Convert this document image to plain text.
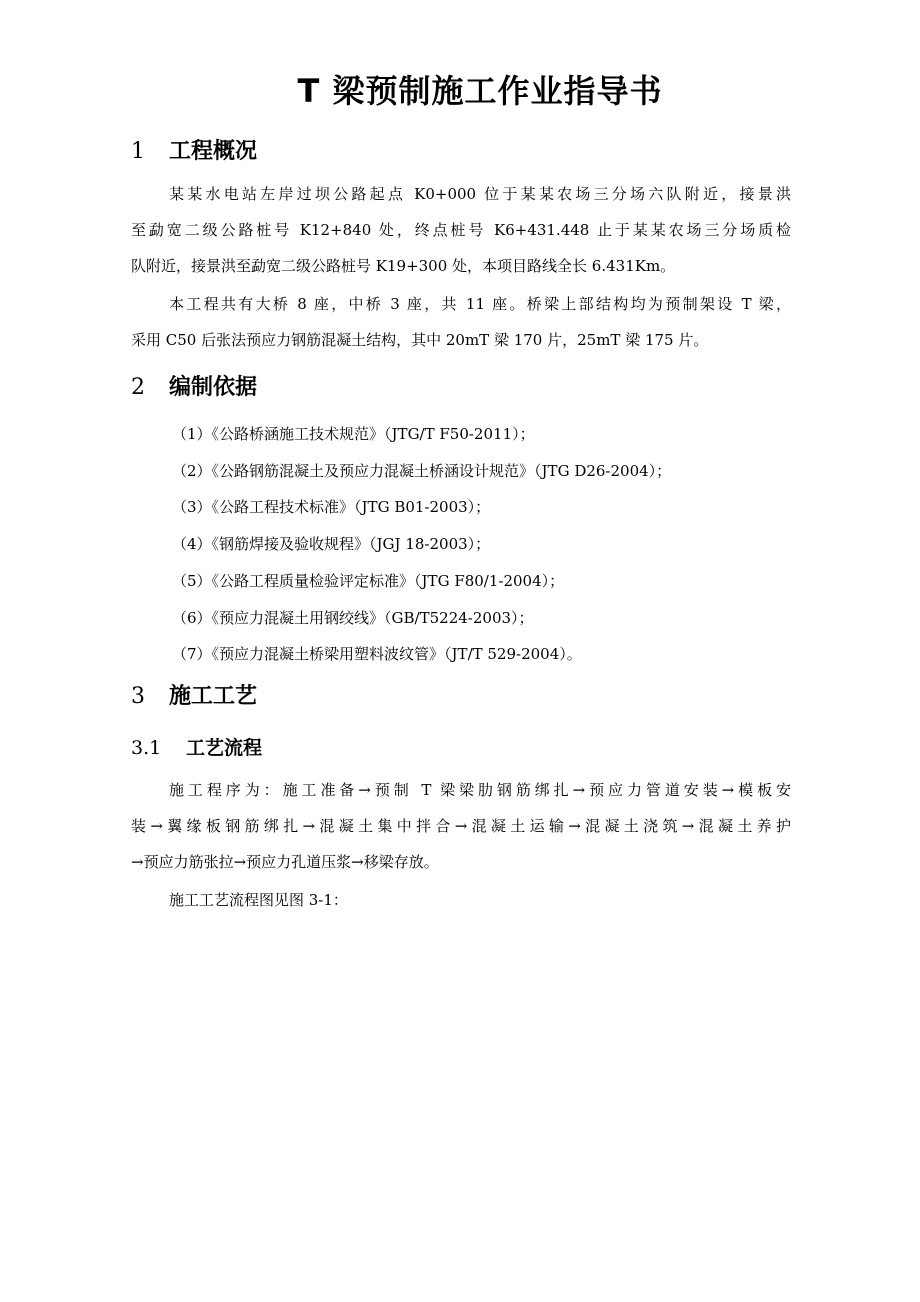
T 梁预制施工作业指导书
1 工程概况
某某水电站左岸过坝公路起点 K0+000 位于某某农场三分场六队附近，接景洪
至勐宽二级公路桩号 K12+840 处，终点桩号 K6+431.448 止于某某农场三分场质检
队附近，接景洪至勐宽二级公路桩号 K19+300 处，本项目路线全长 6.431Km。
本工程共有大桥 8 座，中桥 3 座，共 11 座。桥梁上部结构均为预制架设 T 梁，
采用 C50 后张法预应力钢筋混凝土结构，其中 20mT 梁 170 片，25mT 梁 175 片。
2 编制依据
（1）《公路桥涵施工技术规范》（JTG/T F50-2011）；
（2）《公路钢筋混凝土及预应力混凝土桥涵设计规范》（JTG D26-2004）；
（3）《公路工程技术标准》（JTG B01-2003）；
（4）《钢筋焊接及验收规程》（JGJ 18-2003）；
（5）《公路工程质量检验评定标准》（JTG F80/1-2004）；
（6）《预应力混凝土用钢绞线》（GB/T5224-2003）；
（7）《预应力混凝土桥梁用塑料波纹管》（JT/T 529-2004）。
3 施工工艺
3.1 工艺流程
施工程序为：施工准备→预制 T 梁梁肋钢筋绑扎→预应力管道安装→模板安
装→翼缘板钢筋绑扎→混凝土集中拌合→混凝土运输→混凝土浇筑→混凝土养护
→预应力筋张拉→预应力孔道压浆→移梁存放。
施工工艺流程图见图 3-1：
